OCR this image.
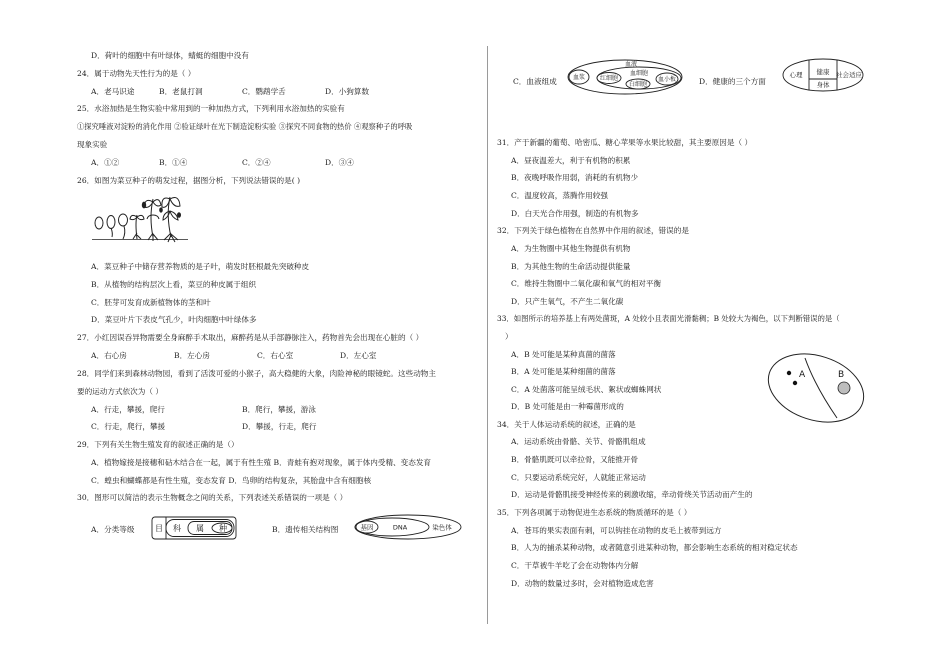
D．荷叶的细胞中有叶绿体，蜻蜓的细胞中没有
24．属于动物先天性行为的是（ ）
A．老马识途	B．老鼠打洞	C．鹦鹉学舌	D．小狗算数
25．水浴加热是生物实验中常用到的一种加热方式，下列利用水浴加热的实验有
①探究唾液对淀粉的消化作用 ②验证绿叶在光下制造淀粉实验 ③探究不同食物的热价 ④观察种子的呼吸
现象实验
A．①②	B．①④	C．②④	D．③④
26．如图为菜豆种子的萌发过程，据图分析，下列说法错误的是( )
A．菜豆种子中储存营养物质的是子叶，萌发时胚根最先突破种皮
B．从植物的结构层次上看，菜豆的种皮属于组织
C．胚芽可发育成新植物体的茎和叶
D．菜豆叶片下表皮气孔少，叶肉细胞中叶绿体多
27．小红因误吞异物需要全身麻醉手术取出，麻醉药是从手部静脉注入，药物首先会出现在心脏的（ ）
A．右心房	B．左心房	C．右心室	D．左心室
28．同学们来到森林动物园，看到了活泼可爱的小猴子，高大稳健的大象，肉险神秘的眼镜蛇。这些动物主
要的运动方式依次为（ ）
A．行走，攀援，爬行	B．爬行，攀援，游泳
C．行走，爬行，攀援	D．攀援，行走，爬行
29．下列有关生物生殖发育的叙述正确的是（）
A．植物嫁接是接穗和砧木结合在一起，属于有性生殖 B．青蛙有抱对现象，属于体内受精、变态发育
C．蝗虫和蝴蝶都是有性生殖，变态发育 D．鸟卵的结构复杂，其胎盘中含有细胞核
30．图形可以简洁的表示生物概念之间的关系，下列表述关系错误的一项是（ ）
A．分类等级	目 科 属 种	B．遗传相关结构图	基因	DNA	染色体
C．血液组成
血液
血浆 红细胞
血细胞
白细胞
血小板	D．健康的三个方面
心理 健康 社会适应
身体
31．产于新疆的葡萄、哈密瓜、糖心苹果等水果比较甜，其主要原因是（ ）
A．昼夜温差大，利于有机物的积累
B．夜晚呼吸作用弱，消耗的有机物少
C．温度较高，蒸腾作用较强
D．白天光合作用强，制造的有机物多
32．下列关于绿色植物在自然界中作用的叙述，错误的是
A．为生物圈中其他生物提供有机物
B．为其他生物的生命活动提供能量
C．维持生物圈中二氧化碳和氧气的相对平衡
D．只产生氧气，不产生二氧化碳
33．如图所示的培养基上有两处菌斑，A 处较小且表面光滑黏稠；B 处较大为褐色，以下判断错误的是（
）
A．B 处可能是某种真菌的菌落
B．A 处可能是某种细菌的菌落
C．A 处菌落可能呈绒毛状、絮状或蜘蛛网状
D．B 处可能是由一种霉菌形成的
A	B
34．关于人体运动系统的叙述，正确的是
A．运动系统由骨骼、关节、骨骼肌组成
B．骨骼肌既可以牵拉骨，又能推开骨
C．只要运动系统完好，人就能正常运动
D．运动是骨骼肌接受神经传来的刺激收缩，牵动骨绕关节活动而产生的
35．下列各项属于动物促进生态系统的物质循环的是（ ）
A．苍耳的果实表面有刺，可以钩挂在动物的皮毛上被带到远方
B．人为的捕杀某种动物，或者随意引进某种动物，都会影响生态系统的相对稳定状态
C．干草被牛羊吃了会在动物体内分解
D．动物的数量过多时，会对植物造成危害
